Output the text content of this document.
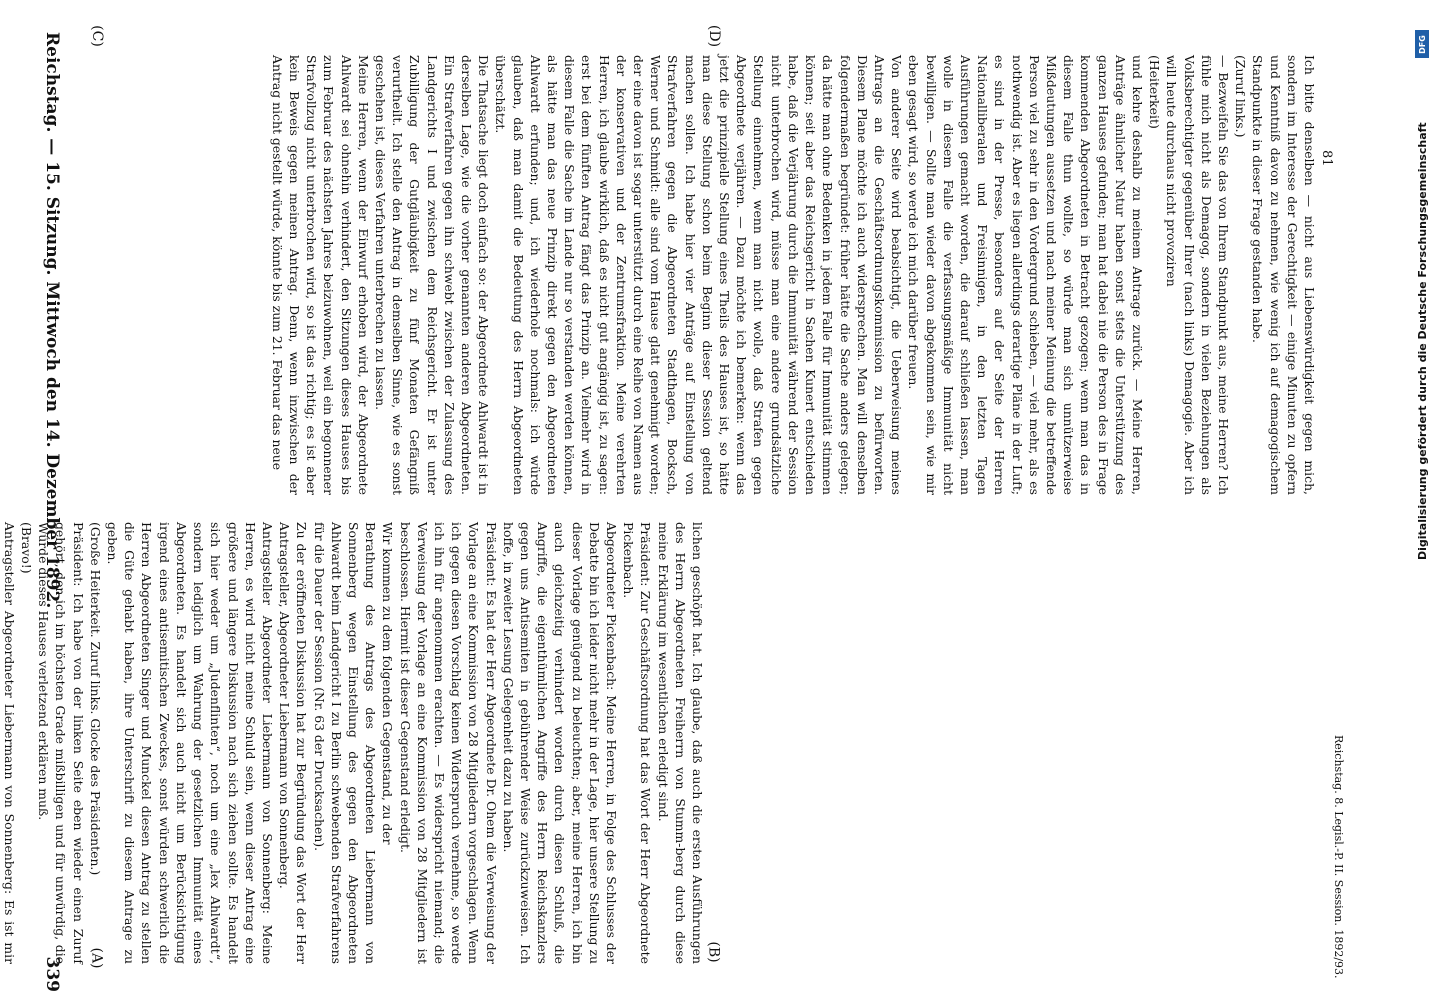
Reichstag. — 15. Sitzung. Mittwoch den 14. Dezember 1892.
339
lichen geschöpft hat. Ich glaube, daß auch die ersten Ausführungen des Herrn Abgeordneten Freiherrn von Stumm-berg durch diese meine Erklärung im wesentlichen erledigt sind.
Präsident: Zur Geschäftsordnung hat das Wort der Herr Abgeordnete Pickenbach.
Abgeordneter Pickenbach: Meine Herren, in Folge des Schlusses der Debatte bin ich leider nicht mehr in der Lage, hier unsere Stellung zu dieser Vorlage genügend zu beleuchten; aber, meine Herren, ich bin auch gleichzeitig verhindert worden durch diesen Schluß, die Angriffe, die eigenthümlichen Angriffe des Herrn Reichskanzlers gegen uns Antisemiten in gebührender Weise zurückzuweisen. Ich hoffe, in zweiter Lesung Gelegenheit dazu zu haben.
Präsident: Es hat der Herr Abgeordnete Dr. Ohem die Verweisung der Vorlage an eine Kommission von 28 Mitgliedern vorgeschlagen. Wenn ich gegen diesen Vorschlag keinen Widerspruch vernehme, so werde ich ihn für angenommen erachten. — Es widerspricht niemand; die Verweisung der Vorlage an eine Kommission von 28 Mitgliedern ist beschlossen. Hiermit ist dieser Gegenstand erledigt.
Wir kommen zu dem folgenden Gegenstand, zu der
Berathung des Antrags des Abgeordneten Liebermann von Sonnenberg wegen Einstellung des gegen den Abgeordneten Ahlwardt beim Landgericht I zu Berlin schwebenden Strafverfahrens für die Dauer der Session (Nr. 63 der Drucksachen).
Zu der eröffneten Diskussion hat zur Begründung das Wort der Herr Antragsteller, Abgeordneter Liebermann von Sonnenberg.
Antragsteller Abgeordneter Liebermann von Sonnenberg: Meine Herren, es wird nicht meine Schuld sein, wenn dieser Antrag eine größere und längere Diskussion nach sich ziehen sollte. Es handelt sich hier weder um „Judenflinten“, noch um eine „lex Ahlwardt“, sondern lediglich um Wahrung der gesetzlichen Immunität eines Abgeordneten. Es handelt sich auch nicht um Berücksichtigung irgend eines antisemitischen Zweckes, sonst würden schwerlich die Herren Abgeordneten Singer und Munckel diesen Antrag zu stellen die Güte gehabt haben, ihre Unterschrift zu diesem Antrage zu geben.
(Große Heiterkeit. Zuruf links. Glocke des Präsidenten.)
Präsident: Ich habe von der linken Seite eben wieder einen Zuruf gehört, den ich im höchsten Grade mißbilligen und für unwürdig, die Würde dieses Hauses verletzend erklären muß.
(Bravo!)
Antragsteller Abgeordneter Liebermann von Sonnenberg: Es ist mir

Ich bitte denselben — nicht aus Liebenswürdigkeit gegen mich, sondern im Interesse der Gerechtigkeit — einige Minuten zu opfern und Kenntniß davon zu nehmen, wie wenig ich auf demagogischem Standpunkte in dieser Frage gestanden habe.
(Zuruf links.)
— Bezweifeln Sie das von Ihrem Standpunkt aus, meine Herren? Ich fühle mich nicht als Demagog, sondern in vielen Beziehungen als Volksberechtigter gegenüber Ihrer (nach links) Demagogie. Aber ich will heute durchaus nicht provoziren
(Heiterkeit)
und kehre deshalb zu meinem Antrage zurück. — Meine Herren, Anträge ähnlicher Natur haben sonst stets die Unterstützung des ganzen Hauses gefunden; man hat dabei nie die Person des in Frage kommenden Abgeordneten in Betracht gezogen; wenn man das in diesem Falle thun wollte, so würde man sich unnützerweise Mißdeutungen aussetzen und nach meiner Meinung die betreffende Person viel zu sehr in den Vordergrund schieben, — viel mehr, als es nothwendig ist. Aber es liegen allerdings derartige Pläne in der Luft; es sind in der Presse, besonders auf der Seite der Herren Nationalliberalen und Freisinnigen, in den letzten Tagen Ausführungen gemacht worden, die darauf schließen lassen, man wolle in diesem Falle die verfassungsmäßige Immunität nicht bewilligen. — Sollte man wieder davon abgekommen sein, wie mir eben gesagt wird, so werde ich mich darüber freuen.
Von anderer Seite wird beabsichtigt, die Ueberweisung meines Antrags an die Geschäftsordnungskommission zu befürworten. Diesem Plane möchte ich auch widersprechen. Man will denselben folgendermaßen begründet: früher hätte die Sache anders gelegen; da hätte man ohne Bedenken in jedem Falle für Immunität stimmen können; seit aber das Reichsgericht in Sachen Kunert entschieden habe, daß die Verjährung durch die Immunität während der Session nicht unterbrochen wird, müsse man eine andere grundsätzliche Stellung einnehmen, wenn man nicht wolle, daß Strafen gegen Abgeordnete verjähren. — Dazu möchte ich bemerken: wenn das jetzt die prinzipielle Stellung eines Theils des Hauses ist, so hätte man diese Stellung schon beim Beginn dieser Session geltend machen sollen. Ich habe hier vier Anträge auf Einstellung von Strafverfahren gegen die Abgeordneten Stadthagen, Bocksch, Werner und Schmidt: alle sind vom Hause glatt genehmigt worden; der eine davon ist sogar unterstützt durch eine Reihe von Namen aus der konservativen und der Zentrumsfraktion. Meine verehrten Herren, ich glaube wirklich, daß es nicht gut angängig ist, zu sagen: erst bei dem fünften Antrag fängt das Prinzip an. Vielmehr wird in diesem Falle die Sache im Lande nur so verstanden werden können, als hätte man das neue Prinzip direkt gegen den Abgeordneten Ahlwardt erfunden; und, ich wiederhole nochmals: ich würde glauben, daß man damit die Bedeutung des Herrn Abgeordneten überschätzt.
Die Thatsache liegt doch einfach so: der Abgeordnete Ahlwardt ist in derselben Lage, wie die vorher genannten anderen Abgeordneten. Ein Strafverfahren gegen ihn schwebt zwischen der Zulassung des Landgerichts I und zwischen dem Reichsgericht. Er ist unter Zubilligung der Gutgläubigkeit zu fünf Monaten Gefängniß verurtheilt. Ich stelle den Antrag in demselben Sinne, wie es sonst geschehen ist, dieses Verfahren unterbrechen zu lassen.
Meine Herren, wenn der Einwurf erhoben wird, der Abgeordnete Ahlwardt sei ohnehin verhindert, den Sitzungen dieses Hauses bis zum Februar des nächsten Jahres beizuwohnen, weil ein begonnener Strafvollzug nicht unterbrochen wird, so ist das richtig; es ist aber kein Beweis gegen meinen Antrag. Denn, wenn inzwischen der Antrag nicht gestellt würde, könnte bis zum 21. Februar das neue
(A)	(B)
(C)	(D)
Reichstag. 8. Legisl.-P. II. Session. 1892/93.
81	Digitalisierung gefördert durch die Deutsche Forschungsgemeinschaft
DFG
